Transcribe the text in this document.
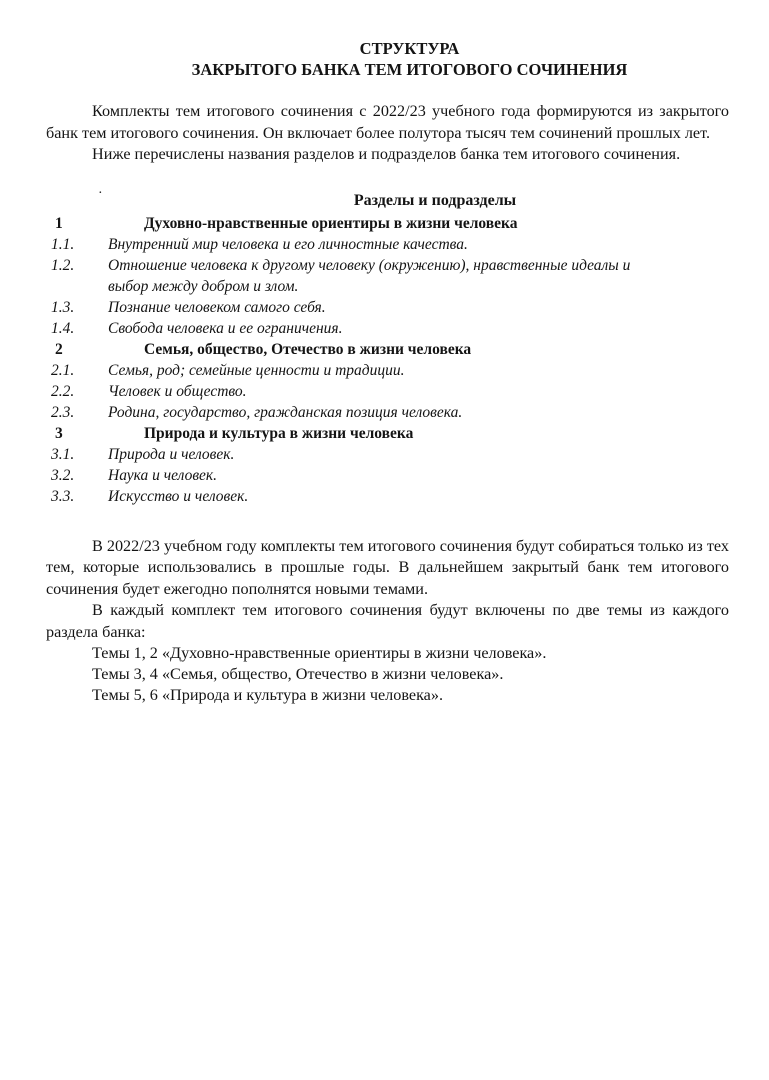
СТРУКТУРА
ЗАКРЫТОГО БАНКА ТЕМ ИТОГОВОГО СОЧИНЕНИЯ

Комплекты тем итогового сочинения с 2022/23 учебного года формируются из закрытого банк тем итогового сочинения. Он включает более полутора тысяч тем сочинений прошлых лет.

Ниже перечислены названия разделов и подразделов банка тем итогового сочинения.

·	Разделы и подразделы
1	Духовно-нравственные ориентиры в жизни человека
1.1.	Внутренний мир человека и его личностные качества.
1.2.	Отношение человека к другому человеку (окружению), нравственные идеалы и выбор между добром и злом.
1.3.	Познание человеком самого себя.
1.4.	Свобода человека и ее ограничения.
2	Семья, общество, Отечество в жизни человека
2.1.	Семья, род; семейные ценности и традиции.
2.2.	Человек и общество.
2.3.	Родина, государство, гражданская позиция человека.
3	Природа и культура в жизни человека
3.1.	Природа и человек.
3.2.	Наука и человек.
3.3.	Искусство и человек.

В 2022/23 учебном году комплекты тем итогового сочинения будут собираться только из тех тем, которые использовались в прошлые годы. В дальнейшем закрытый банк тем итогового сочинения будет ежегодно пополнятся новыми темами.

В каждый комплект тем итогового сочинения будут включены по две темы из каждого раздела банка:

Темы 1, 2 «Духовно-нравственные ориентиры в жизни человека».

Темы 3, 4 «Семья, общество, Отечество в жизни человека».

Темы 5, 6 «Природа и культура в жизни человека».
